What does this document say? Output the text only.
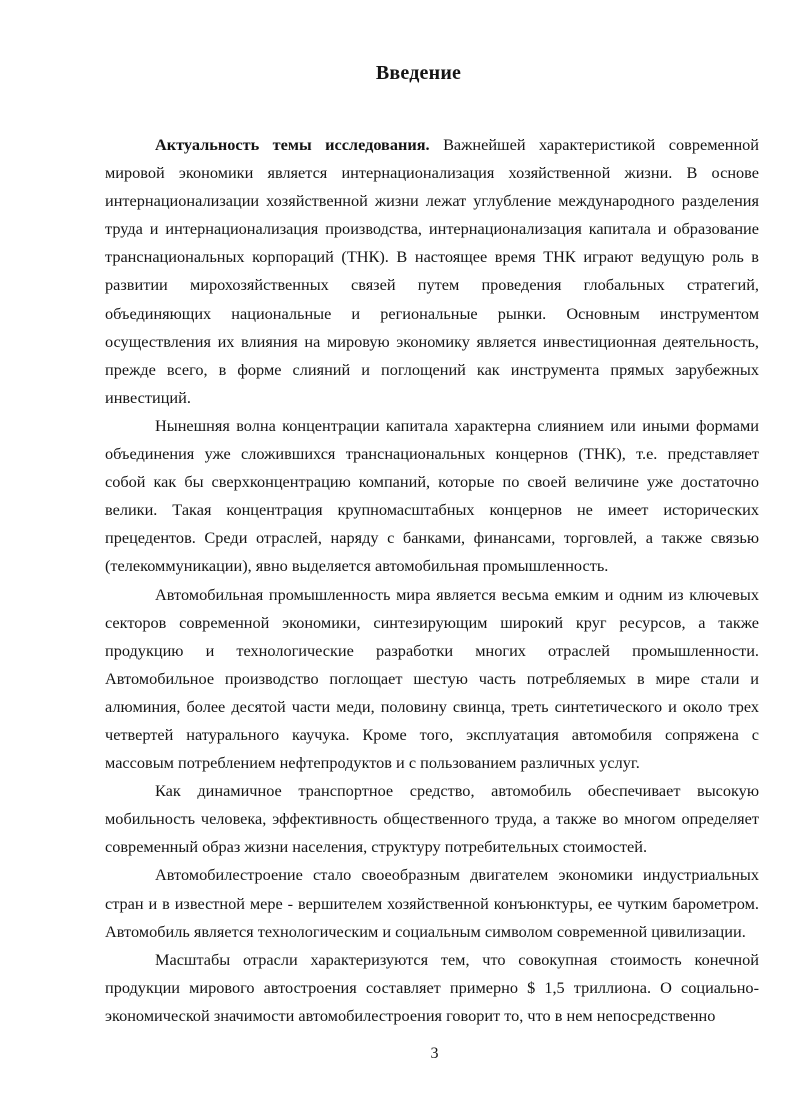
Введение

Актуальность темы исследования. Важнейшей характеристикой современной мировой экономики является интернационализация хозяйственной жизни. В основе интернационализации хозяйственной жизни лежат углубление международного разделения труда и интернационализация производства, интернационализация капитала и образование транснациональных корпораций (ТНК). В настоящее время ТНК играют ведущую роль в развитии мирохозяйственных связей путем проведения глобальных стратегий, объединяющих национальные и региональные рынки. Основным инструментом осуществления их влияния на мировую экономику является инвестиционная деятельность, прежде всего, в форме слияний и поглощений как инструмента прямых зарубежных инвестиций.

Нынешняя волна концентрации капитала характерна слиянием или иными формами объединения уже сложившихся транснациональных концернов (ТНК), т.е. представляет собой как бы сверхконцентрацию компаний, которые по своей величине уже достаточно велики. Такая концентрация крупномасштабных концернов не имеет исторических прецедентов. Среди отраслей, наряду с банками, финансами, торговлей, а также связью (телекоммуникации), явно выделяется автомобильная промышленность.

Автомобильная промышленность мира является весьма емким и одним из ключевых секторов современной экономики, синтезирующим широкий круг ресурсов, а также продукцию и технологические разработки многих отраслей промышленности. Автомобильное производство поглощает шестую часть потребляемых в мире стали и алюминия, более десятой части меди, половину свинца, треть синтетического и около трех четвертей натурального каучука. Кроме того, эксплуатация автомобиля сопряжена с массовым потреблением нефтепродуктов и с пользованием различных услуг.

Как динамичное транспортное средство, автомобиль обеспечивает высокую мобильность человека, эффективность общественного труда, а также во многом определяет современный образ жизни населения, структуру потребительных стоимостей.

Автомобилестроение стало своеобразным двигателем экономики индустриальных стран и в известной мере - вершителем хозяйственной конъюнктуры, ее чутким барометром. Автомобиль является технологическим и социальным символом современной цивилизации.

Масштабы отрасли характеризуются тем, что совокупная стоимость конечной продукции мирового автостроения составляет примерно $ 1,5 триллиона. О социально-экономической значимости автомобилестроения говорит то, что в нем непосредственно

3
